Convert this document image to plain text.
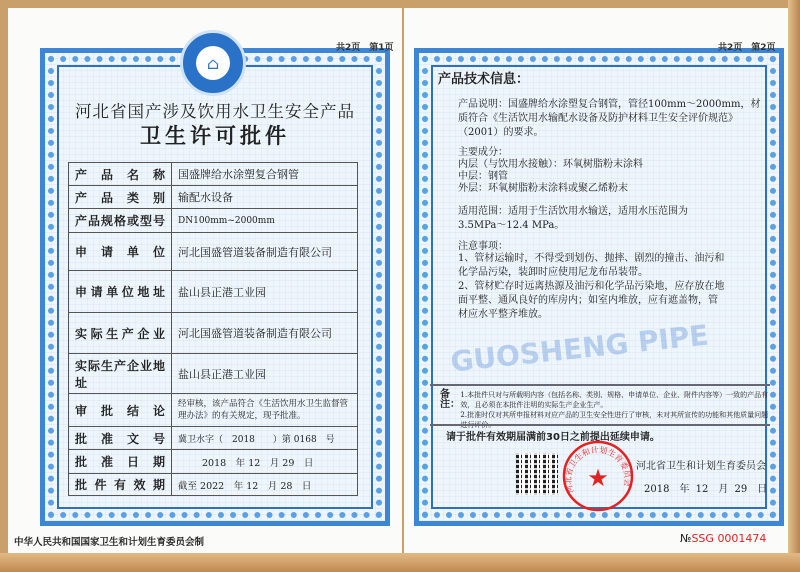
共2页　第1页
⌂
河北省国产涉及饮用水卫生安全产品
卫生许可批件
产品名称	国盛牌给水涂塑复合钢管
产品类别	输配水设备
产品规格或型号	DN100mm~2000mm
申请单位	河北国盛管道装备制造有限公司
申请单位地址	盐山县正港工业园
实际生产企业	河北国盛管道装备制造有限公司
实际生产企业地址	盐山县正港工业园
审批结论	经审核，该产品符合《生活饮用水卫生监督管理办法》的有关规定，现予批准。
批准文号	冀卫水字（　2018　　）第 0168　号
批准日期	2018　年 12　月 29　日
批件有效期	截至 2022　年 12　月 28　日
中华人民共和国国家卫生和计划生育委员会制
GUOSHENG PIPE
共2页　第2页
产品技术信息：
产品说明：国盛牌给水涂塑复合钢管，管径100mm～2000mm，材质符合《生活饮用水输配水设备及防护材料卫生安全评价规范》（2001）的要求。
主要成分：
内层（与饮用水接触）：环氧树脂粉末涂料
中层：钢管
外层：环氧树脂粉末涂料或聚乙烯粉末
适用范围：适用于生活饮用水输送，适用水压范围为3.5MPa～12.4 MPa。
注意事项：
1、管材运输时，不得受到划伤、抛摔、剧烈的撞击、油污和化学品污染，装卸时应使用尼龙布吊装带。
2、管材贮存时远离热源及油污和化学品污染地，应存放在地面平整、通风良好的库房内；如室内堆放，应有遮盖物，管材应水平整齐堆放。
备注：
1.本批件只对与所载明内容（包括名称、类别、规格、申请单位、企业、附件内容等）一致的产品有效，且必须在本批件注明的实际生产企业生产。
2.批准时仅对其所申报材料对应产品的卫生安全性进行了审核，未对其所宣传的功能和其他质量问题
请于批件有效期届满前30日之前提出延续申请。
河北省卫生和计划生育委员会
★	河北省卫生和计划生育委员会
2018　年 12　月 29　日
№SSG 0001474
